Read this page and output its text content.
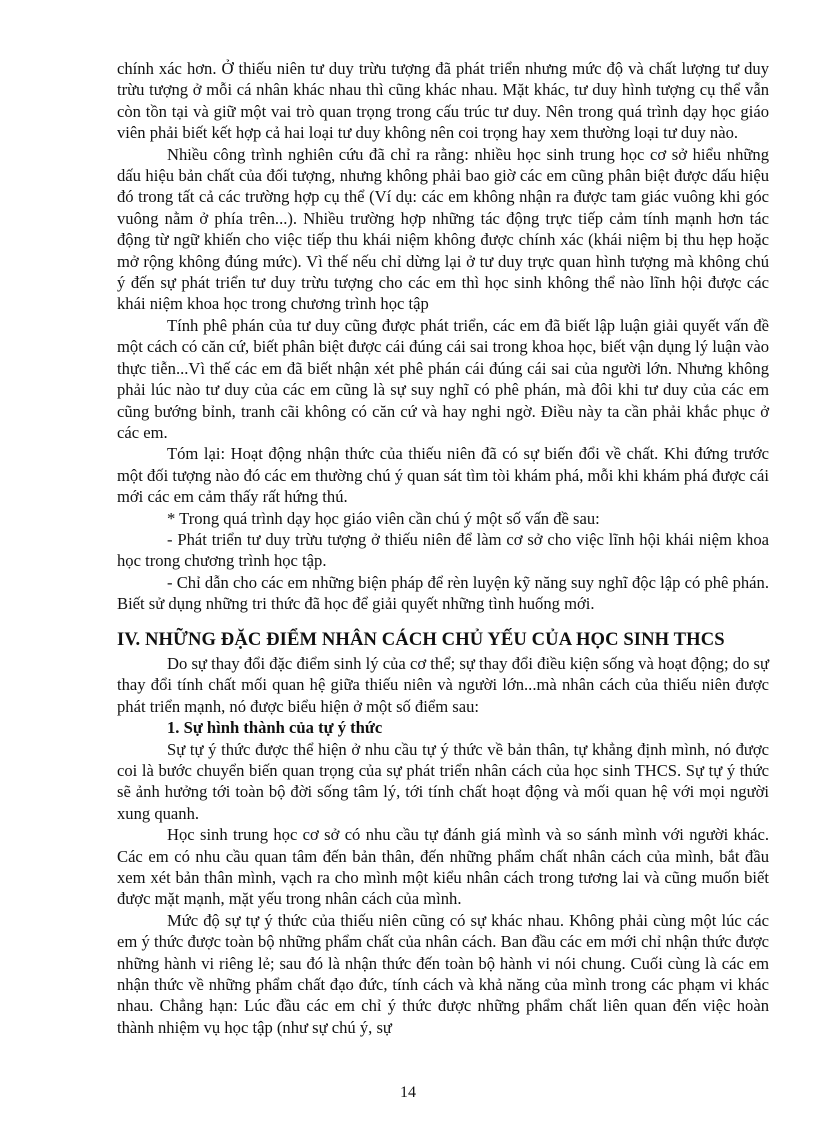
chính xác hơn. Ở thiếu niên tư duy trừu tượng đã phát triển nhưng mức độ và chất lượng tư duy trừu tượng ở mỗi cá nhân khác nhau thì cũng khác nhau. Mặt khác, tư duy hình tượng cụ thể vẫn còn tồn tại và giữ một vai trò quan trọng trong cấu trúc tư duy. Nên trong quá trình dạy học giáo viên phải biết kết hợp cả hai loại tư duy không nên coi trọng hay xem thường loại tư duy nào.

Nhiều công trình nghiên cứu đã chỉ ra rằng: nhiều học sinh trung học cơ sở hiểu những dấu hiệu bản chất của đối tượng, nhưng không phải bao giờ các em cũng phân biệt được dấu hiệu đó trong tất cả các trường hợp cụ thể (Ví dụ: các em không nhận ra được tam giác vuông khi góc vuông nằm ở phía trên...). Nhiều trường hợp những tác động trực tiếp cảm tính mạnh hơn tác động từ ngữ khiến cho việc tiếp thu khái niệm không được chính xác (khái niệm bị thu hẹp hoặc mở rộng không đúng mức). Vì thế nếu chỉ dừng lại ở tư duy trực quan hình tượng mà không chú ý đến sự phát triển tư duy trừu tượng cho các em thì học sinh không thể nào lĩnh hội được các khái niệm khoa học trong chương trình học tập

Tính phê phán của tư duy cũng được phát triển, các em đã biết lập luận giải quyết vấn đề một cách có căn cứ, biết phân biệt được cái đúng cái sai trong khoa học, biết vận dụng lý luận vào thực tiễn...Vì thế các em đã biết nhận xét phê phán cái đúng cái sai của người lớn. Nhưng không phải lúc nào tư duy của các em cũng là sự suy nghĩ có phê phán, mà đôi khi tư duy của các em cũng bướng bỉnh, tranh cãi không có căn cứ và hay nghi ngờ. Điều này ta cần phải khắc phục ở các em.

Tóm lại: Hoạt động nhận thức của thiếu niên đã có sự biến đổi về chất. Khi đứng trước một đối tượng nào đó các em thường chú ý quan sát tìm tòi khám phá, mỗi khi khám phá được cái mới các em cảm thấy rất hứng thú.

* Trong quá trình dạy học giáo viên cần chú ý một số vấn đề sau:

- Phát triển tư duy trừu tượng ở thiếu niên để làm cơ sở cho việc lĩnh hội khái niệm khoa học trong chương trình học tập.

- Chỉ dẫn cho các em những biện pháp để rèn luyện kỹ năng suy nghĩ độc lập có phê phán. Biết sử dụng những tri thức đã học để giải quyết những tình huống mới.

IV. NHỮNG ĐẶC ĐIỂM NHÂN CÁCH CHỦ YẾU CỦA HỌC SINH THCS

Do sự thay đổi đặc điểm sinh lý của cơ thể; sự thay đổi điều kiện sống và hoạt động; do sự thay đổi tính chất mối quan hệ giữa thiếu niên và người lớn...mà nhân cách của thiếu niên được phát triển mạnh, nó được biểu hiện ở một số điểm sau:

1. Sự hình thành của tự ý thức

Sự tự ý thức được thể hiện ở nhu cầu tự ý thức về bản thân, tự khẳng định mình, nó được coi là bước chuyển biến quan trọng của sự phát triển nhân cách của học sinh THCS. Sự tự ý thức sẽ ảnh hưởng tới toàn bộ đời sống tâm lý, tới tính chất hoạt động và mối quan hệ với mọi người xung quanh.

Học sinh trung học cơ sở có nhu cầu tự đánh giá mình và so sánh mình với người khác. Các em có nhu cầu quan tâm đến bản thân, đến những phẩm chất nhân cách của mình, bắt đầu xem xét bản thân mình, vạch ra cho mình một kiểu nhân cách trong tương lai và cũng muốn biết được mặt mạnh, mặt yếu trong nhân cách của mình.

Mức độ sự tự ý thức của thiếu niên cũng có sự khác nhau. Không phải cùng một lúc các em ý thức được toàn bộ những phẩm chất của nhân cách. Ban đầu các em mới chỉ nhận thức được những hành vi riêng lẻ; sau đó là nhận thức đến toàn bộ hành vi nói chung. Cuối cùng là các em nhận thức về những phẩm chất đạo đức, tính cách và khả năng của mình trong các phạm vi khác nhau. Chẳng hạn: Lúc đầu các em chỉ ý thức được những phẩm chất liên quan đến việc hoàn thành nhiệm vụ học tập (như sự chú ý, sự

14
